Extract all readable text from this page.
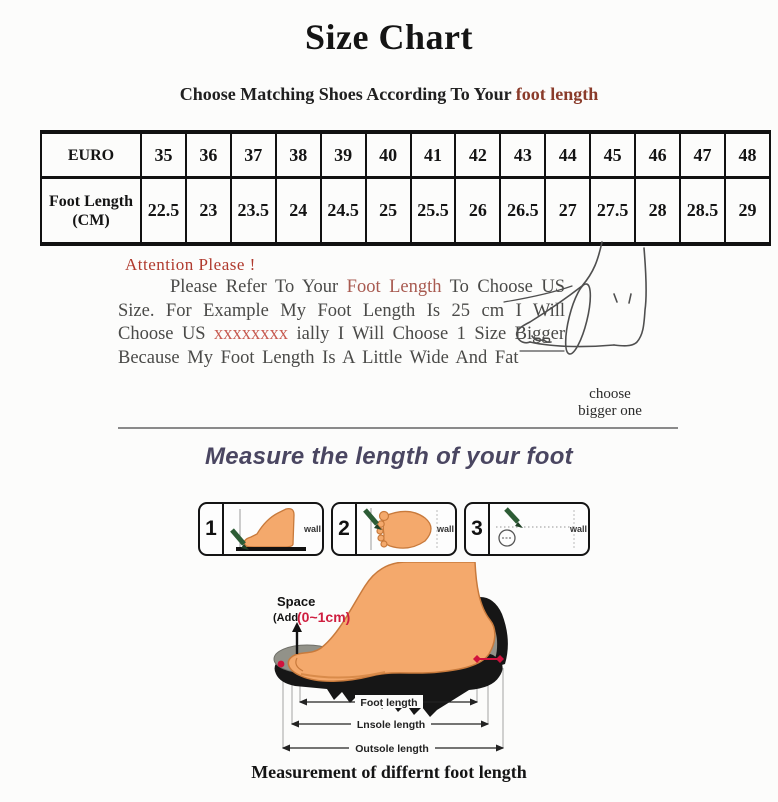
Size Chart
Choose Matching Shoes According To Your foot length
EURO	35	36	37	38	39	40	41	42	43	44	45	46	47	48
Foot Length (CM)	22.5	23	23.5	24	24.5	25	25.5	26	26.5	27	27.5	28	28.5	29
Attention Please !

Please Refer To Your Foot Length To Choose US Size. For Example My Foot Length Is 25 cm I Will Choose US xxxxxxxx ially I Will Choose 1 Size Bigger Because My Foot Length Is A Little Wide And Fat

choose
bigger one
Measure the length of your foot
1	wall 2	wall 3	wall
Space
(Add
(0~1cm)
Foot length
Lnsole length
Outsole length
Measurement of differnt foot length
